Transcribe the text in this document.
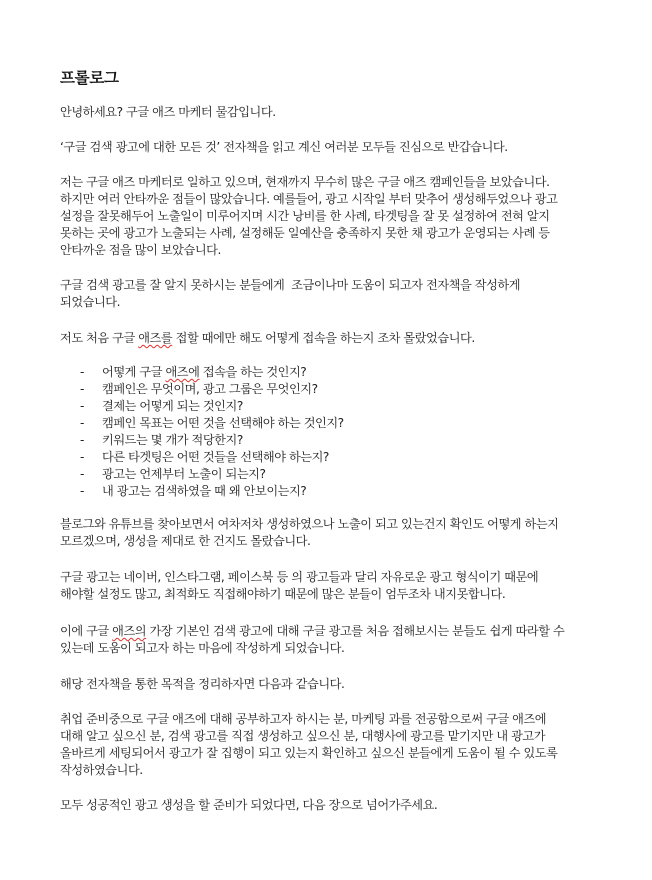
프롤로그
안녕하세요? 구글 애즈 마케터 물감입니다.
‘구글 검색 광고에 대한 모든 것’ 전자책을 읽고 계신 여러분 모두들 진심으로 반갑습니다.
저는 구글 애즈 마케터로 일하고 있으며, 현재까지 무수히 많은 구글 애즈 캠페인들을 보았습니다.
하지만 여러 안타까운 점들이 많았습니다. 예를들어, 광고 시작일 부터 맞추어 생성해두었으나 광고
설정을 잘못해두어 노출일이 미루어지며 시간 낭비를 한 사례, 타겟팅을 잘 못 설정하여 전혀 알지
못하는 곳에 광고가 노출되는 사례, 설정해둔 일예산을 충족하지 못한 채 광고가 운영되는 사례 등
안타까운 점을 많이 보았습니다.
구글 검색 광고를 잘 알지 못하시는 분들에게  조금이나마 도움이 되고자 전자책을 작성하게
되었습니다.
저도 처음 구글 애즈를 접할 때에만 해도 어떻게 접속을 하는지 조차 몰랐었습니다.
-	어떻게 구글 애즈에 접속을 하는 것인지?
-	캠페인은 무엇이며, 광고 그룹은 무엇인지?
-	결제는 어떻게 되는 것인지?
-	캠페인 목표는 어떤 것을 선택해야 하는 것인지?
-	키워드는 몇 개가 적당한지?
-	다른 타겟팅은 어떤 것들을 선택해야 하는지?
-	광고는 언제부터 노출이 되는지?
-	내 광고는 검색하였을 때 왜 안보이는지?
블로그와 유튜브를 찾아보면서 여차저차 생성하였으나 노출이 되고 있는건지 확인도 어떻게 하는지
모르겠으며, 생성을 제대로 한 건지도 몰랐습니다.
구글 광고는 네이버, 인스타그램, 페이스북 등 의 광고들과 달리 자유로운 광고 형식이기 때문에
해야할 설정도 많고, 최적화도 직접해야하기 때문에 많은 분들이 엄두조차 내지못합니다.
이에 구글 애즈의 가장 기본인 검색 광고에 대해 구글 광고를 처음 접해보시는 분들도 쉽게 따라할 수
있는데 도움이 되고자 하는 마음에 작성하게 되었습니다.
해당 전자책을 통한 목적을 정리하자면 다음과 같습니다.
취업 준비중으로 구글 애즈에 대해 공부하고자 하시는 분, 마케팅 과를 전공함으로써 구글 애즈에
대해 알고 싶으신 분, 검색 광고를 직접 생성하고 싶으신 분, 대행사에 광고를 맡기지만 내 광고가
올바르게 세팅되어서 광고가 잘 집행이 되고 있는지 확인하고 싶으신 분들에게 도움이 될 수 있도록
작성하였습니다.
모두 성공적인 광고 생성을 할 준비가 되었다면, 다음 장으로 넘어가주세요.
